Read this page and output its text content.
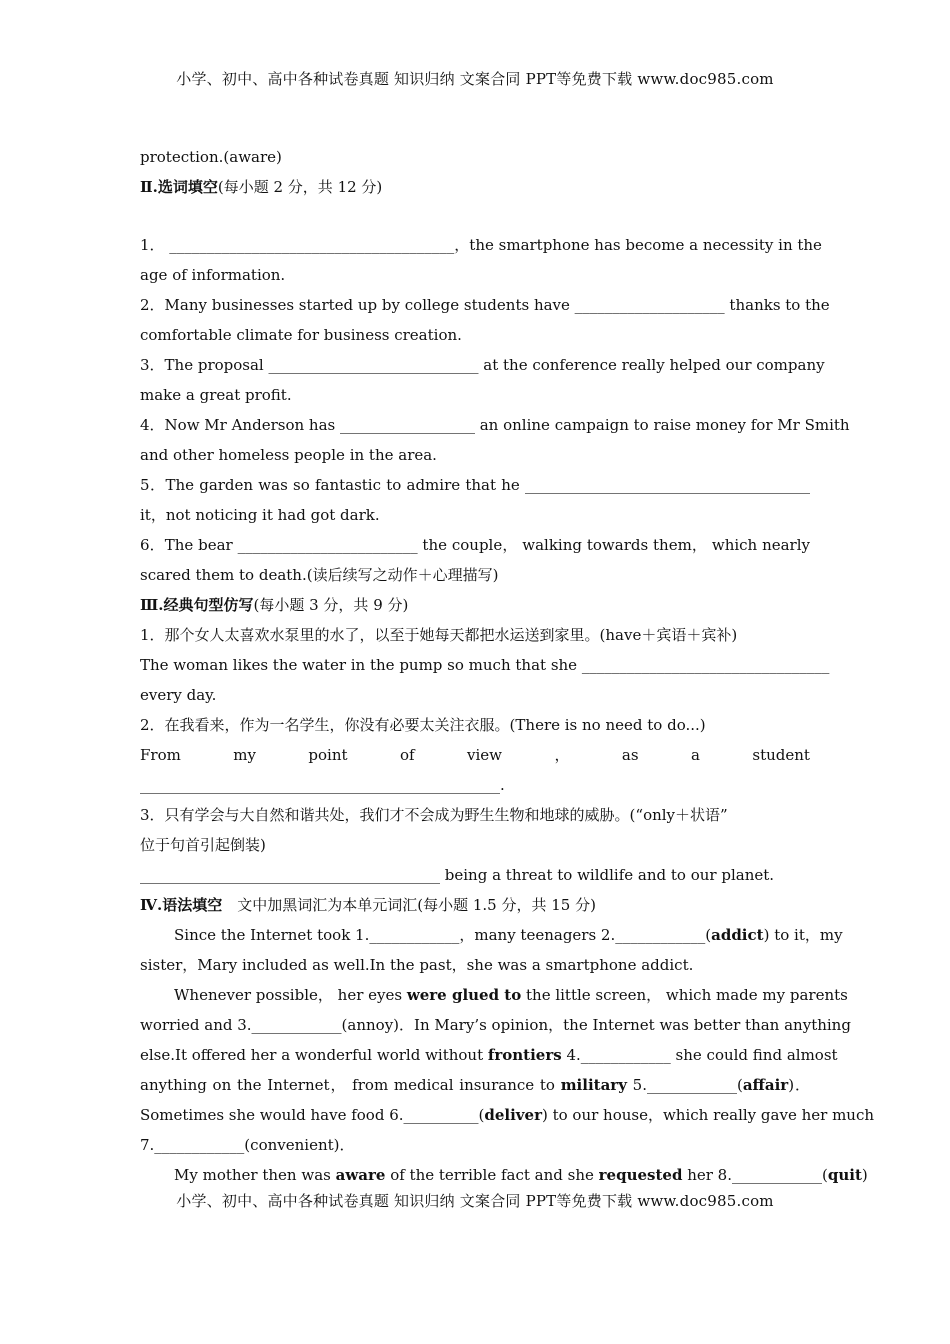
小学、初中、高中各种试卷真题 知识归纳 文案合同 PPT等免费下载 www.doc985.com
protection.(aware)
Ⅱ.选词填空(每小题 2 分，共 12 分)
1． ______________________________________，the smartphone has become a necessity in the
age of information.
2．Many businesses started up by college students have ____________________ thanks to the
comfortable climate for business creation.
3．The proposal ____________________________ at the conference really helped our company
make a great profit.
4．Now Mr Anderson has __________________ an online campaign to raise money for Mr Smith
and other homeless people in the area.
5．The garden was so fantastic to admire that he ______________________________________
it，not noticing it had got dark.
6．The bear ________________________ the couple， walking towards them， which nearly
scared them to death.(读后续写之动作＋心理描写)
Ⅲ.经典句型仿写(每小题 3 分，共 9 分)
1．那个女人太喜欢水泵里的水了，以至于她每天都把水运送到家里。(have＋宾语＋宾补)
The woman likes the water in the pump so much that she _________________________________
every day.
2．在我看来，作为一名学生，你没有必要太关注衣服。(There is no need to do...)
From	my	point	of	view	，	as	a	student
________________________________________________.
3．只有学会与大自然和谐共处，我们才不会成为野生生物和地球的威胁。(“only＋状语”
位于句首引起倒装)
________________________________________ being a threat to wildlife and to our planet.
Ⅳ.语法填空　文中加黑词汇为本单元词汇(每小题 1.5 分，共 15 分)
Since the Internet took 1.____________，many teenagers 2.____________(addict) to it，my
sister，Mary included as well.In the past，she was a smartphone addict.
Whenever possible， her eyes were glued to the little screen， which made my parents
worried and 3.____________(annoy)．In Mary’s opinion，the Internet was better than anything
else.It offered her a wonderful world without frontiers 4.____________ she could find almost
anything on the Internet， from medical insurance to military 5.____________(affair)．
Sometimes she would have food 6.__________(deliver) to our house，which really gave her much
7.____________(convenient)．
My mother then was aware of the terrible fact and she requested her 8.____________(quit)
小学、初中、高中各种试卷真题 知识归纳 文案合同 PPT等免费下载 www.doc985.com
